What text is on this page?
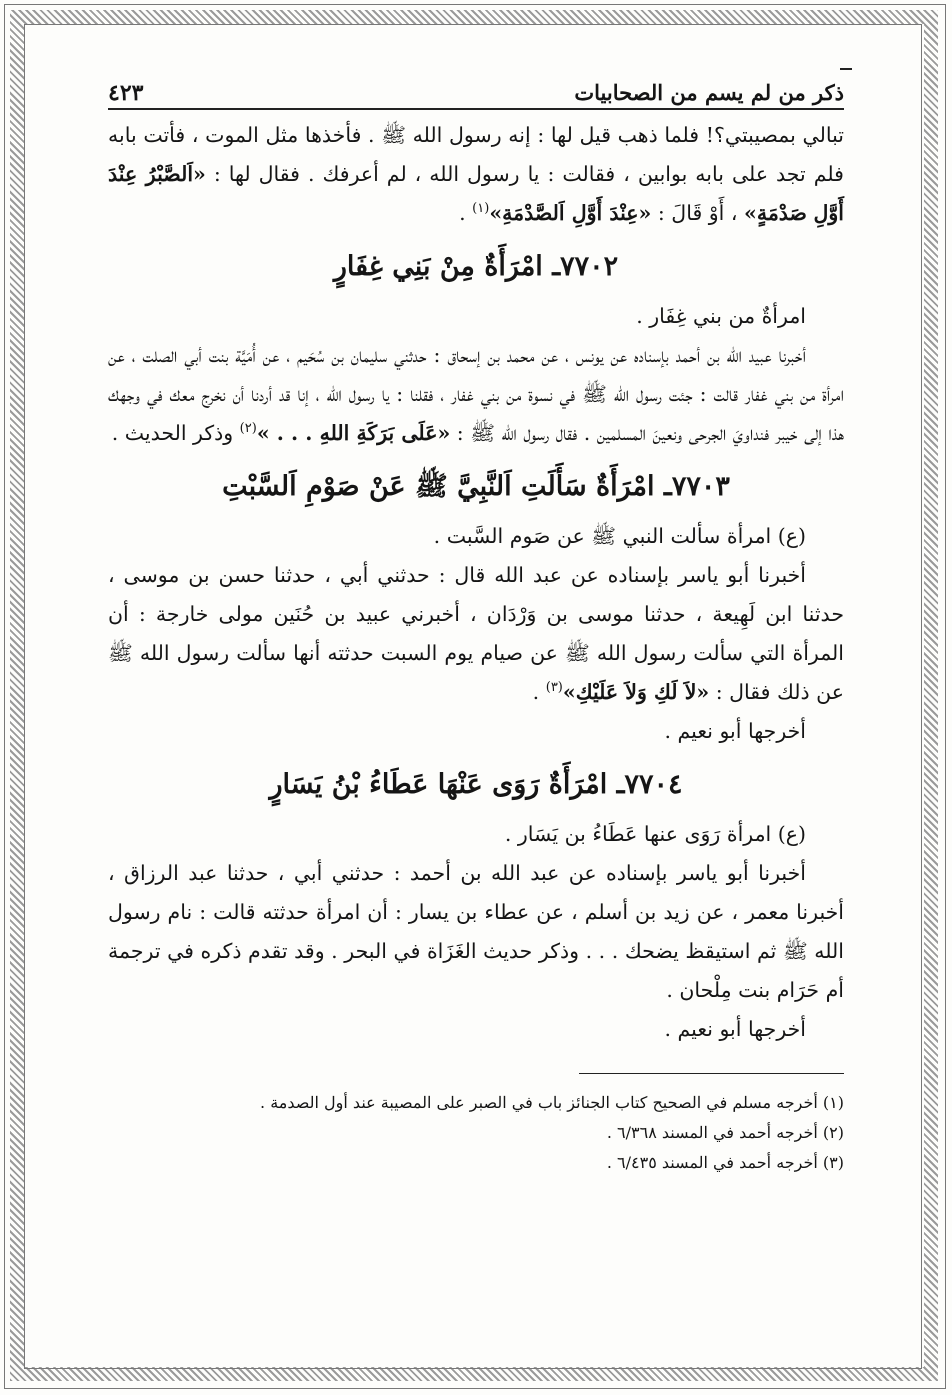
ذكر من لم يسم من الصحابيات
٤٢٣

تبالي بمصيبتي؟! فلما ذهب قيل لها : إنه رسول الله ﷺ . فأخذها مثل الموت ، فأتت بابه فلم تجد على بابه بوابين ، فقالت : يا رسول الله ، لم أعرفك . فقال لها : «اَلصَّبْرُ عِنْدَ أَوَّلِ صَدْمَةٍ» ، أَوْ قَالَ : «عِنْدَ أَوَّلِ اَلصَّدْمَةِ»$^{(١)}$ .

٧٧٠٢ـ امْرَأَةٌ مِنْ بَنِي غِفَارٍ

امرأةٌ من بني غِفَار .

أخبرنا عبيد الله بن أحمد بإسناده عن يونس ، عن محمد بن إسحاق : حدثني سليمان بن سُحَيم ، عن أُمَيَّة بنت أبي الصلت ، عن امرأة من بني غفار قالت : جئت رسول الله ﷺ في نسوة من بني غفار ، فقلنا : يا رسول الله ، إنا قد أردنا أن نخرج معك في وجهك هذا إلى خيبر فنداويَ الجرحى ونعينَ المسلمين . فقال رسول الله ﷺ : «عَلَى بَرَكَةِ اللهِ . . . »$^{(٢)}$ وذكر الحديث .

٧٧٠٣ـ امْرَأَةٌ سَأَلَتِ اَلنَّبِيَّ ﷺ عَنْ صَوْمِ اَلسَّبْتِ

(ع) امرأة سألت النبي ﷺ عن صَوم السَّبت .

أخبرنا أبو ياسر بإسناده عن عبد الله قال : حدثني أبي ، حدثنا حسن بن موسى ، حدثنا ابن لَهِيعة ، حدثنا موسى بن وَرْدَان ، أخبرني عبيد بن حُنَين مولى خارجة : أن المرأة التي سألت رسول الله ﷺ عن صيام يوم السبت حدثته أنها سألت رسول الله ﷺ عن ذلك فقال : «لاَ لَكِ وَلاَ عَلَيْكِ»$^{(٣)}$ .

أخرجها أبو نعيم .

٧٧٠٤ـ امْرَأَةٌ رَوَى عَنْهَا عَطَاءُ بْنُ يَسَارٍ

(ع) امرأة رَوَى عنها عَطَاءُ بن يَسَار .

أخبرنا أبو ياسر بإسناده عن عبد الله بن أحمد : حدثني أبي ، حدثنا عبد الرزاق ، أخبرنا معمر ، عن زيد بن أسلم ، عن عطاء بن يسار : أن امرأة حدثته قالت : نام رسول الله ﷺ ثم استيقظ يضحك . . . وذكر حديث الغَزَاة في البحر . وقد تقدم ذكره في ترجمة أم حَرَام بنت مِلْحان .

أخرجها أبو نعيم .

(١) أخرجه مسلم في الصحيح كتاب الجنائز باب في الصبر على المصيبة عند أول الصدمة .

(٢) أخرجه أحمد في المسند ٦/٣٦٨ .

(٣) أخرجه أحمد في المسند ٦/٤٣٥ .
